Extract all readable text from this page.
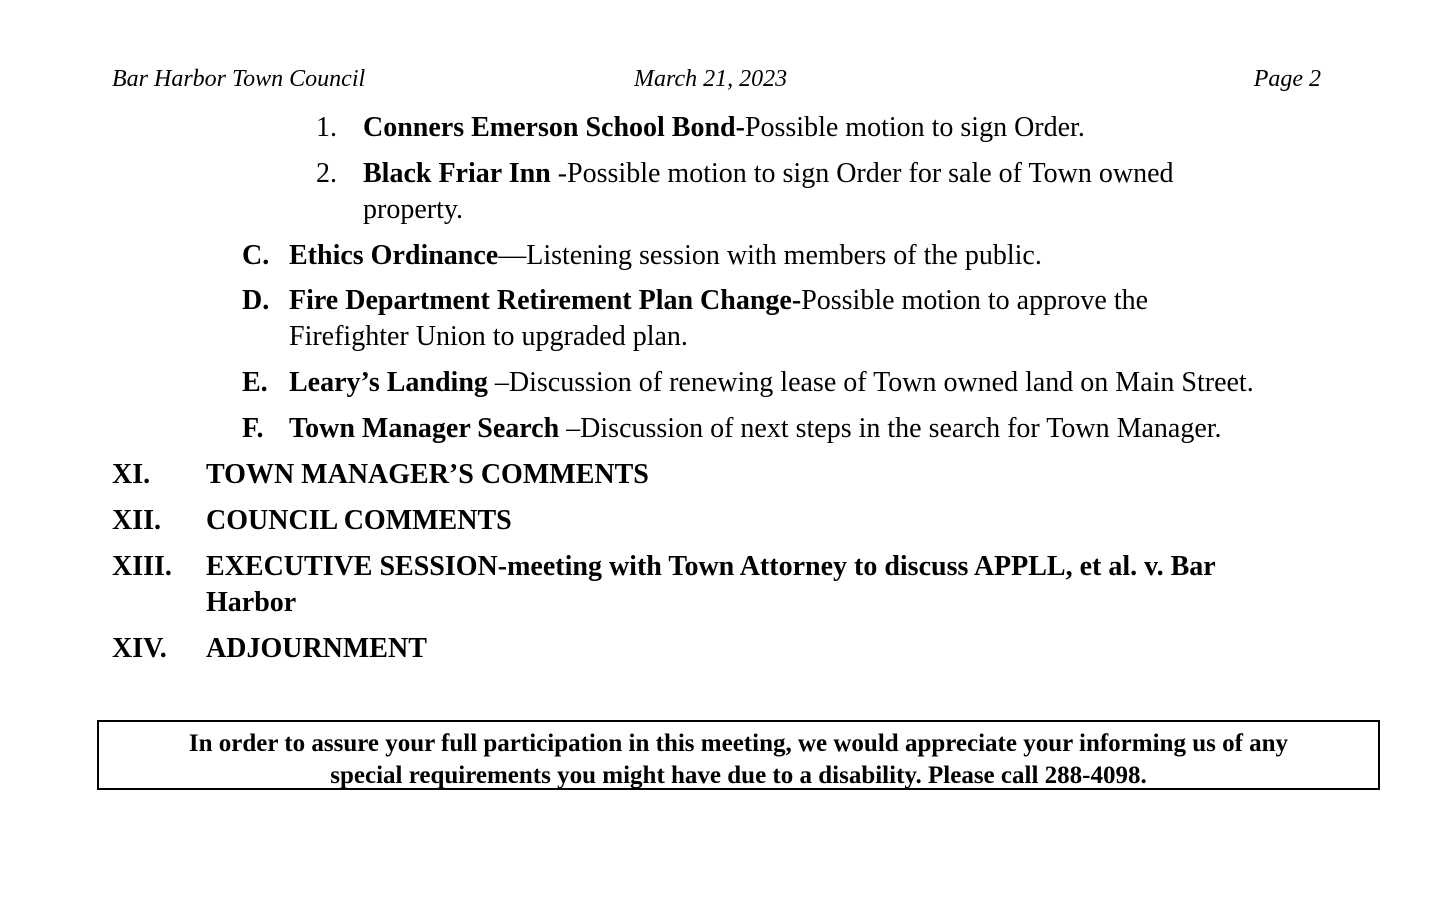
Bar Harbor Town Council	March 21, 2023	Page 2
1. Conners Emerson School Bond-Possible motion to sign Order.
2. Black Friar Inn -Possible motion to sign Order for sale of Town owned
property.
C. Ethics Ordinance—Listening session with members of the public.
D. Fire Department Retirement Plan Change-Possible motion to approve the
Firefighter Union to upgraded plan.
E. Leary’s Landing –Discussion of renewing lease of Town owned land on Main Street.
F. Town Manager Search –Discussion of next steps in the search for Town Manager.
XI. TOWN MANAGER’S COMMENTS
XII. COUNCIL COMMENTS
XIII. EXECUTIVE SESSION-meeting with Town Attorney to discuss APPLL, et al. v. Bar
Harbor
XIV. ADJOURNMENT
In order to assure your full participation in this meeting, we would appreciate your informing us of any
special requirements you might have due to a disability. Please call 288-4098.
